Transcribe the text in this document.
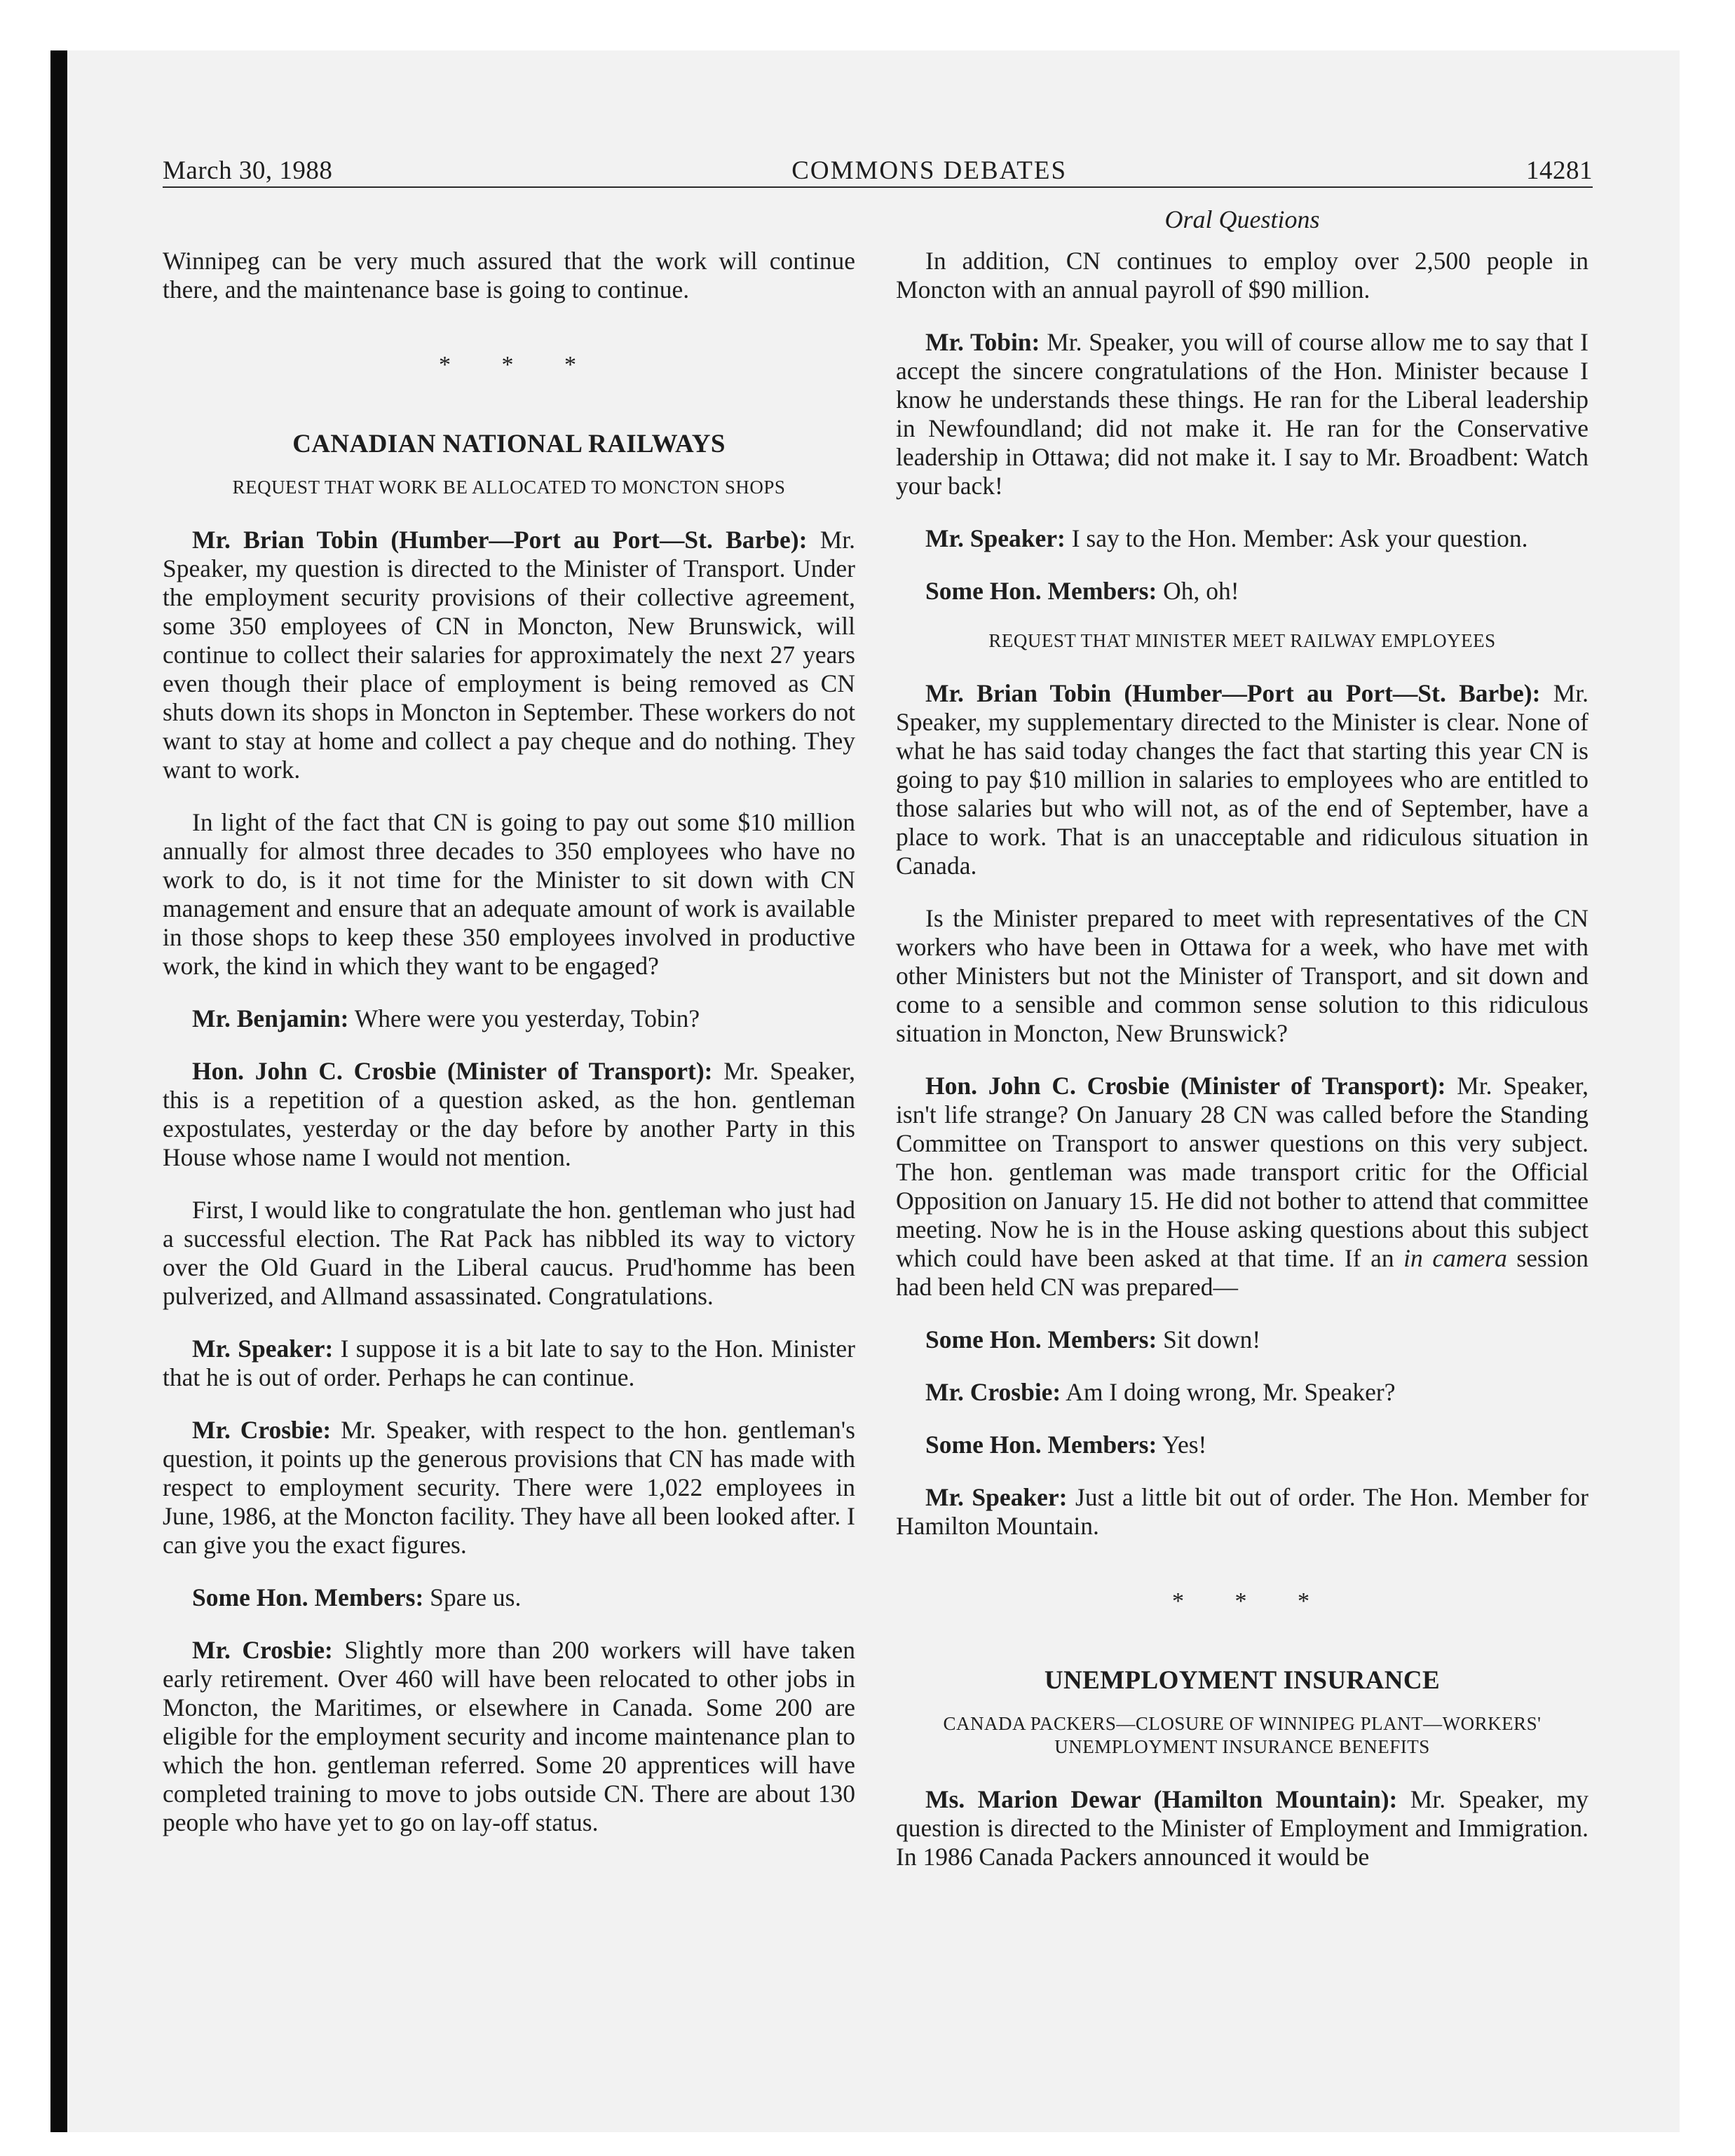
March 30, 1988	COMMONS DEBATES	14281
Oral Questions

Winnipeg can be very much assured that the work will continue there, and the maintenance base is going to continue.

* * *
CANADIAN NATIONAL RAILWAYS
REQUEST THAT WORK BE ALLOCATED TO MONCTON SHOPS

Mr. Brian Tobin (Humber—Port au Port—St. Barbe): Mr. Speaker, my question is directed to the Minister of Transport. Under the employment security provisions of their collective agreement, some 350 employees of CN in Moncton, New Brunswick, will continue to collect their salaries for approximately the next 27 years even though their place of employment is being removed as CN shuts down its shops in Moncton in September. These workers do not want to stay at home and collect a pay cheque and do nothing. They want to work.

In light of the fact that CN is going to pay out some $10 million annually for almost three decades to 350 employees who have no work to do, is it not time for the Minister to sit down with CN management and ensure that an adequate amount of work is available in those shops to keep these 350 employees involved in productive work, the kind in which they want to be engaged?

Mr. Benjamin: Where were you yesterday, Tobin?

Hon. John C. Crosbie (Minister of Transport): Mr. Speaker, this is a repetition of a question asked, as the hon. gentleman expostulates, yesterday or the day before by another Party in this House whose name I would not mention.

First, I would like to congratulate the hon. gentleman who just had a successful election. The Rat Pack has nibbled its way to victory over the Old Guard in the Liberal caucus. Prud'homme has been pulverized, and Allmand assassinated. Congratulations.

Mr. Speaker: I suppose it is a bit late to say to the Hon. Minister that he is out of order. Perhaps he can continue.

Mr. Crosbie: Mr. Speaker, with respect to the hon. gentleman's question, it points up the generous provisions that CN has made with respect to employment security. There were 1,022 employees in June, 1986, at the Moncton facility. They have all been looked after. I can give you the exact figures.

Some Hon. Members: Spare us.

Mr. Crosbie: Slightly more than 200 workers will have taken early retirement. Over 460 will have been relocated to other jobs in Moncton, the Maritimes, or elsewhere in Canada. Some 200 are eligible for the employment security and income maintenance plan to which the hon. gentleman referred. Some 20 apprentices will have completed training to move to jobs outside CN. There are about 130 people who have yet to go on lay-off status.

In addition, CN continues to employ over 2,500 people in Moncton with an annual payroll of $90 million.

Mr. Tobin: Mr. Speaker, you will of course allow me to say that I accept the sincere congratulations of the Hon. Minister because I know he understands these things. He ran for the Liberal leadership in Newfoundland; did not make it. He ran for the Conservative leadership in Ottawa; did not make it. I say to Mr. Broadbent: Watch your back!

Mr. Speaker: I say to the Hon. Member: Ask your question.

Some Hon. Members: Oh, oh!

REQUEST THAT MINISTER MEET RAILWAY EMPLOYEES

Mr. Brian Tobin (Humber—Port au Port—St. Barbe): Mr. Speaker, my supplementary directed to the Minister is clear. None of what he has said today changes the fact that starting this year CN is going to pay $10 million in salaries to employees who are entitled to those salaries but who will not, as of the end of September, have a place to work. That is an unacceptable and ridiculous situation in Canada.

Is the Minister prepared to meet with representatives of the CN workers who have been in Ottawa for a week, who have met with other Ministers but not the Minister of Transport, and sit down and come to a sensible and common sense solution to this ridiculous situation in Moncton, New Brunswick?

Hon. John C. Crosbie (Minister of Transport): Mr. Speaker, isn't life strange? On January 28 CN was called before the Standing Committee on Transport to answer questions on this very subject. The hon. gentleman was made transport critic for the Official Opposition on January 15. He did not bother to attend that committee meeting. Now he is in the House asking questions about this subject which could have been asked at that time. If an in camera session had been held CN was prepared—

Some Hon. Members: Sit down!

Mr. Crosbie: Am I doing wrong, Mr. Speaker?

Some Hon. Members: Yes!

Mr. Speaker: Just a little bit out of order. The Hon. Member for Hamilton Mountain.

* * *
UNEMPLOYMENT INSURANCE
CANADA PACKERS—CLOSURE OF WINNIPEG PLANT—WORKERS' UNEMPLOYMENT INSURANCE BENEFITS

Ms. Marion Dewar (Hamilton Mountain): Mr. Speaker, my question is directed to the Minister of Employment and Immigration. In 1986 Canada Packers announced it would be
